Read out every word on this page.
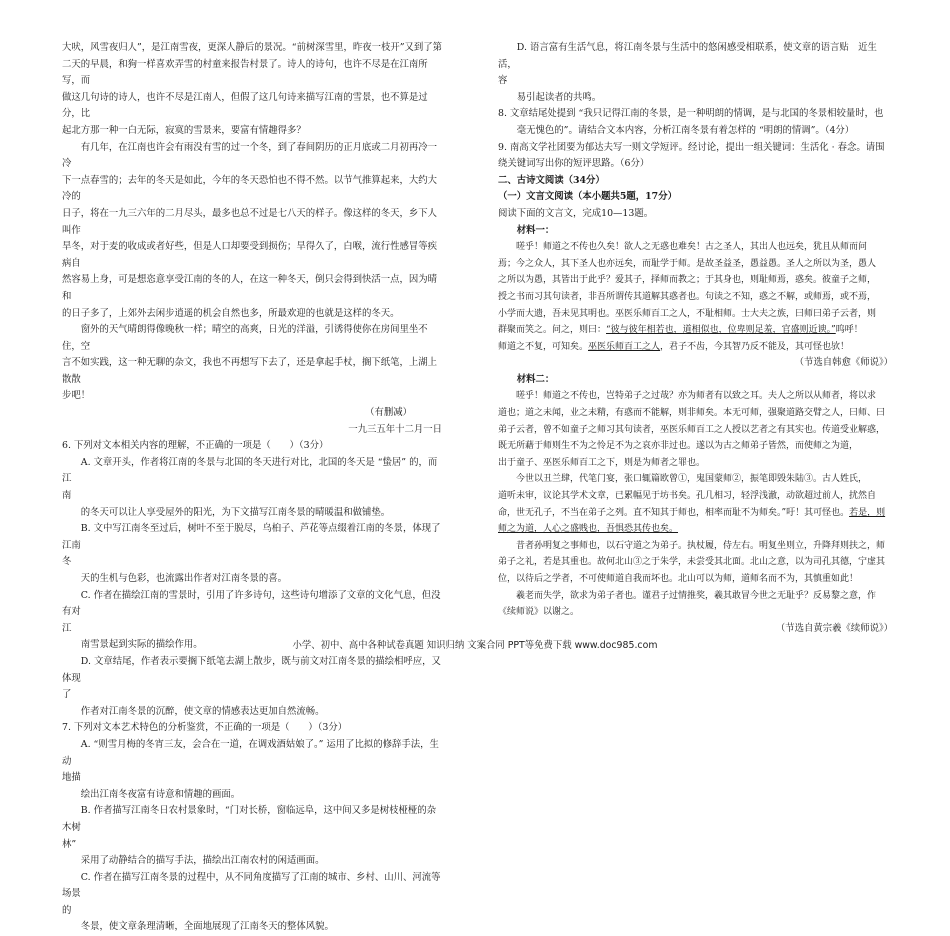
大吠，风雪夜归人”，是江南雪夜，更深人静后的景况。“前树深雪里，昨夜一枝开”又到了第

二天的早晨，和狗一样喜欢弄雪的村童来报告村景了。诗人的诗句，也许不尽是在江南所写，而

做这几句诗的诗人，也许不尽是江南人，但假了这几句诗来描写江南的雪景，也不算是过分，比

起北方那一种一白无际，寂寞的雪景来，要富有情趣得多？

有几年，在江南也许会有雨没有雪的过一个冬，到了春间阴历的正月底或二月初再冷一冷

下一点春雪的；去年的冬天是如此，今年的冬天恐怕也不得不然。以节气推算起来，大约大冷的

日子，将在一九三六年的二月尽头，最多也总不过是七八天的样子。像这样的冬天，乡下人叫作

旱冬，对于麦的收成或者好些，但是人口却要受到损伤；旱得久了，白喉，流行性感冒等疾病自

然容易上身，可是想恣意享受江南的冬的人，在这一种冬天，倒只会得到快活一点，因为晴和

的日子多了，上郊外去闲步逍遥的机会自然也多，所最欢迎的也就是这样的冬天。

窗外的天气晴朗得像晚秋一样；晴空的高爽，日光的洋溢，引诱得使你在房间里坐不住，空

言不如实践，这一种无聊的杂文，我也不再想写下去了，还是拿起手杖，搁下纸笔，上湖上散散

步吧！

（有删减）

一九三五年十二月一日

6. 下列对文本相关内容的理解，不正确的一项是（　　）（3分）

A. 文章开头，作者将江南的冬景与北国的冬天进行对比，北国的冬天是 “蛰居” 的，而江

南

的冬天可以让人享受屋外的阳光，为下文描写江南冬景的晴暖温和做铺垫。

B. 文中写江南冬至过后，树叶不至于脱尽，乌桕子、芦花等点缀着江南的冬景，体现了江南

冬

天的生机与色彩，也流露出作者对江南冬景的喜。

C. 作者在描绘江南的雪景时，引用了许多诗句，这些诗句增添了文章的文化气息，但没有对

江

南雪景起到实际的描绘作用。

D. 文章结尾，作者表示要搁下纸笔去湖上散步，既与前文对江南冬景的描绘相呼应，又体现

了

作者对江南冬景的沉醉，使文章的情感表达更加自然流畅。

7. 下列对文本艺术特色的分析鉴赏，不正确的一项是（　　）（3分）

A. “则雪月梅的冬宵三友，会合在一道，在调戏酒姑娘了。” 运用了比拟的修辞手法，生动

地描

绘出江南冬夜富有诗意和情趣的画面。

B. 作者描写江南冬日农村景象时，“门对长桥，窗临远阜，这中间又多是树枝桠桠的杂木树

林”

采用了动静结合的描写手法，描绘出江南农村的闲适画面。

C. 作者在描写江南冬景的过程中，从不同角度描写了江南的城市、乡村、山川、河流等场景

的

冬景，使文章条理清晰，全面地展现了江南冬天的整体风貌。

D. 语言富有生活气息，将江南冬景与生活中的悠闲感受相联系，使文章的语言贴　近生活，

容

易引起读者的共鸣。

8. 文章结尾处提到 “我只记得江南的冬景，是一种明朗的情调，是与北国的冬景相较量时，也

毫无愧色的”。请结合文本内容，分析江南冬景有着怎样的 “明朗的情调”。（4分）

9. 南高文学社团要为郁达夫写一则文学短评。经讨论，提出一组关键词：生活化 · 春念。请围

绕关键词写出你的短评思路。（6分）

二、古诗文阅读（34分）

（一）文言文阅读（本小题共5题，17分）

阅读下面的文言文，完成10—13题。

材料一：

嗟乎！师道之不传也久矣！欲人之无惑也难矣！古之圣人，其出人也远矣，犹且从师而问

焉；今之众人，其下圣人也亦远矣，而耻学于师。是故圣益圣，愚益愚。圣人之所以为圣，愚人

之所以为愚，其皆出于此乎？爱其子，择师而教之；于其身也，则耻师焉，惑矣。彼童子之师，

授之书而习其句读者，非吾所谓传其道解其惑者也。句读之不知，惑之不解，或师焉，或不焉，

小学而大遗，吾未见其明也。巫医乐师百工之人，不耻相师。士大夫之族，曰师曰弟子云者，则

群聚而笑之。问之，则曰：“彼与彼年相若也，道相似也，位卑则足羞，官盛则近谀。”呜呼！

师道之不复，可知矣。巫医乐师百工之人，君子不齿，今其智乃反不能及，其可怪也欤！

（节选自韩愈《师说》）

材料二：

嗟乎！师道之不传也，岂特弟子之过哉？亦为师者有以致之耳。夫人之所以从师者，将以求

道也；道之未闻，业之未精，有惑而不能解，则非师矣。本无可师，强聚道路交臂之人，曰师、曰

弟子云者，曾不如童子之师习其句读者，巫医乐师百工之人授以艺者之有其实也。传道受业解惑，

既无所藉于师则生不为之怜足不为之哀亦非过也。遂以为古之师弟子皆然，而使师之为道，

出于童子、巫医乐师百工之下，则是为师者之罪也。

今世以丑兰肆，代笔门宴，张口辄篇欧曾①，鬼国蒙师②，振笔即毁朱陆③。古人姓氏，

道听未审，议论其学术文章，已累幅见于坊书矣。孔几相习，轻浮浅澈，动欲超过前人，扰然自

命，世无孔子，不当在弟子之列。直不知其于师也，相率而耻不为师矣。”吁！其可怪也。若是，则

师之为道，人心之盛贱也，吾惧恐其传也矣。

昔者孙明复之事师也，以石守道之为弟子。执杖履，侍左右。明复坐则立，升降拜则扶之，师

弟子之礼，若是其重也。故何北山③之于朱学，未尝受其北面。北山之意，以为司孔其德，宁虚其

位，以待后之学者，不可使师道自我而坏也。北山可以为师，道师名而不为，其慎重如此！

羲老而失学，欲求为弟子者也。谨君子过情推奖，羲其敢冒今世之无耻乎？反易黎之意，作

《续师说》以谢之。

（节选自黄宗羲《续师说》）

小学、初中、高中各种试卷真题 知识归纳 文案合同 PPT等免费下载 www.doc985.com
